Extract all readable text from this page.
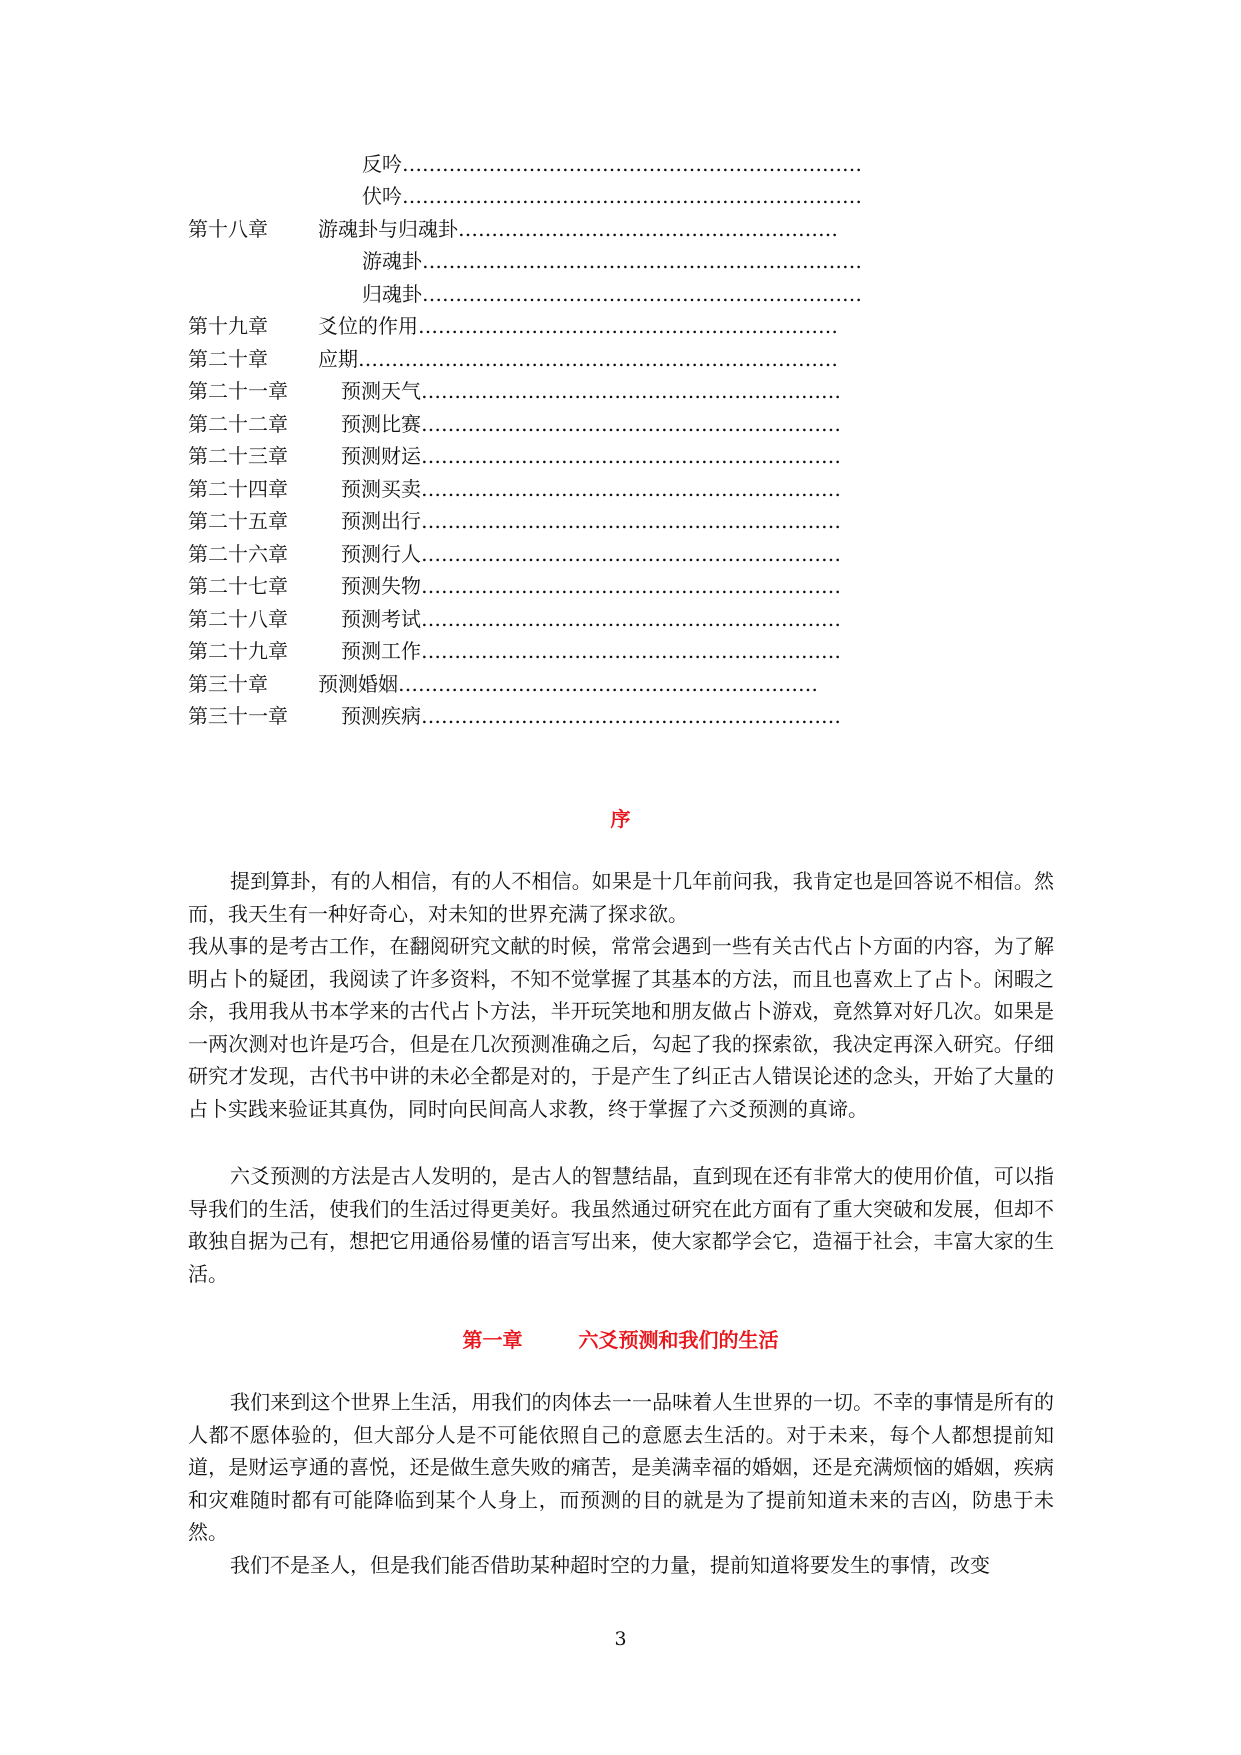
反吟……………………………………………………………
伏吟……………………………………………………………
第十八章	游魂卦与归魂卦…………………………………………………
游魂卦…………………………………………………………
归魂卦…………………………………………………………
第十九章	爻位的作用………………………………………………………
第二十章	应期………………………………………………………………
第二十一章	预测天气………………………………………………………
第二十二章	预测比赛………………………………………………………
第二十三章	预测财运………………………………………………………
第二十四章	预测买卖………………………………………………………
第二十五章	预测出行………………………………………………………
第二十六章	预测行人………………………………………………………
第二十七章	预测失物………………………………………………………
第二十八章	预测考试………………………………………………………
第二十九章	预测工作………………………………………………………
第三十章	预测婚姻………………………………………………………
第三十一章	预测疾病………………………………………………………
序
提到算卦，有的人相信，有的人不相信。如果是十几年前问我，我肯定也是回答说不相信。然而，我天生有一种好奇心，对未知的世界充满了探求欲。
我从事的是考古工作，在翻阅研究文献的时候，常常会遇到一些有关古代占卜方面的内容，为了解明占卜的疑团，我阅读了许多资料，不知不觉掌握了其基本的方法，而且也喜欢上了占卜。闲暇之余，我用我从书本学来的古代占卜方法，半开玩笑地和朋友做占卜游戏，竟然算对好几次。如果是一两次测对也许是巧合，但是在几次预测准确之后，勾起了我的探索欲，我决定再深入研究。仔细研究才发现，古代书中讲的未必全都是对的，于是产生了纠正古人错误论述的念头，开始了大量的占卜实践来验证其真伪，同时向民间高人求教，终于掌握了六爻预测的真谛。
六爻预测的方法是古人发明的，是古人的智慧结晶，直到现在还有非常大的使用价值，可以指导我们的生活，使我们的生活过得更美好。我虽然通过研究在此方面有了重大突破和发展，但却不敢独自据为己有，想把它用通俗易懂的语言写出来，使大家都学会它，造福于社会，丰富大家的生活。
第一章	六爻预测和我们的生活
我们来到这个世界上生活，用我们的肉体去一一品味着人生世界的一切。不幸的事情是所有的人都不愿体验的，但大部分人是不可能依照自己的意愿去生活的。对于未来，每个人都想提前知道，是财运亨通的喜悦，还是做生意失败的痛苦，是美满幸福的婚姻，还是充满烦恼的婚姻，疾病和灾难随时都有可能降临到某个人身上，而预测的目的就是为了提前知道未来的吉凶，防患于未然。
我们不是圣人，但是我们能否借助某种超时空的力量，提前知道将要发生的事情，改变
3
